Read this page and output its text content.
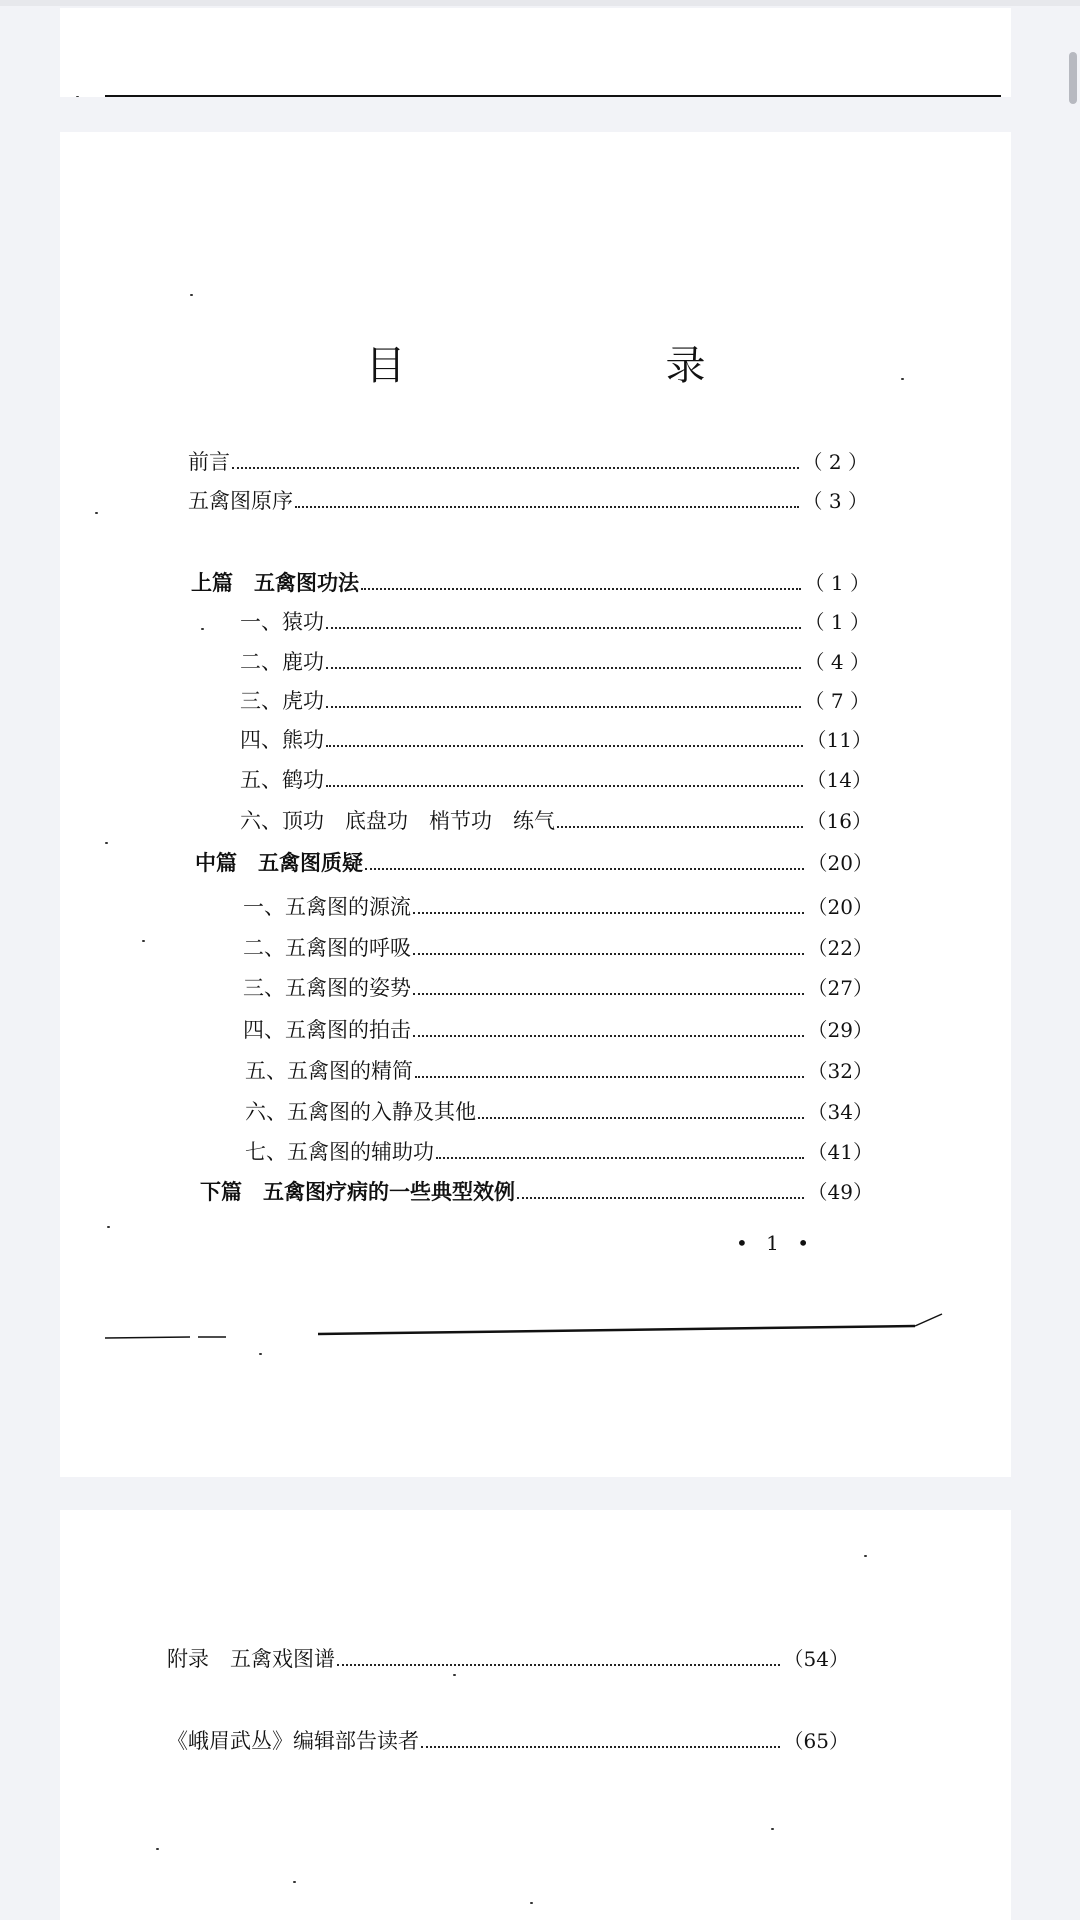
目　　录
前言	（ 2 ）
五禽图原序	（ 3 ）
上篇　五禽图功法	（ 1 ）
一、猿功	（ 1 ）
二、鹿功	（ 4 ）
三、虎功	（ 7 ）
四、熊功	（11）
五、鹤功	（14）
六、顶功　底盘功　梢节功　练气	（16）
中篇　五禽图质疑	（20）
一、五禽图的源流	（20）
二、五禽图的呼吸	（22）
三、五禽图的姿势	（27）
四、五禽图的拍击	（29）
五、五禽图的精简	（32）
六、五禽图的入静及其他	（34）
七、五禽图的辅助功	（41）
下篇　五禽图疗病的一些典型效例	（49）
• 1 •
附录　五禽戏图谱	（54）
《峨眉武丛》编辑部告读者	（65）
